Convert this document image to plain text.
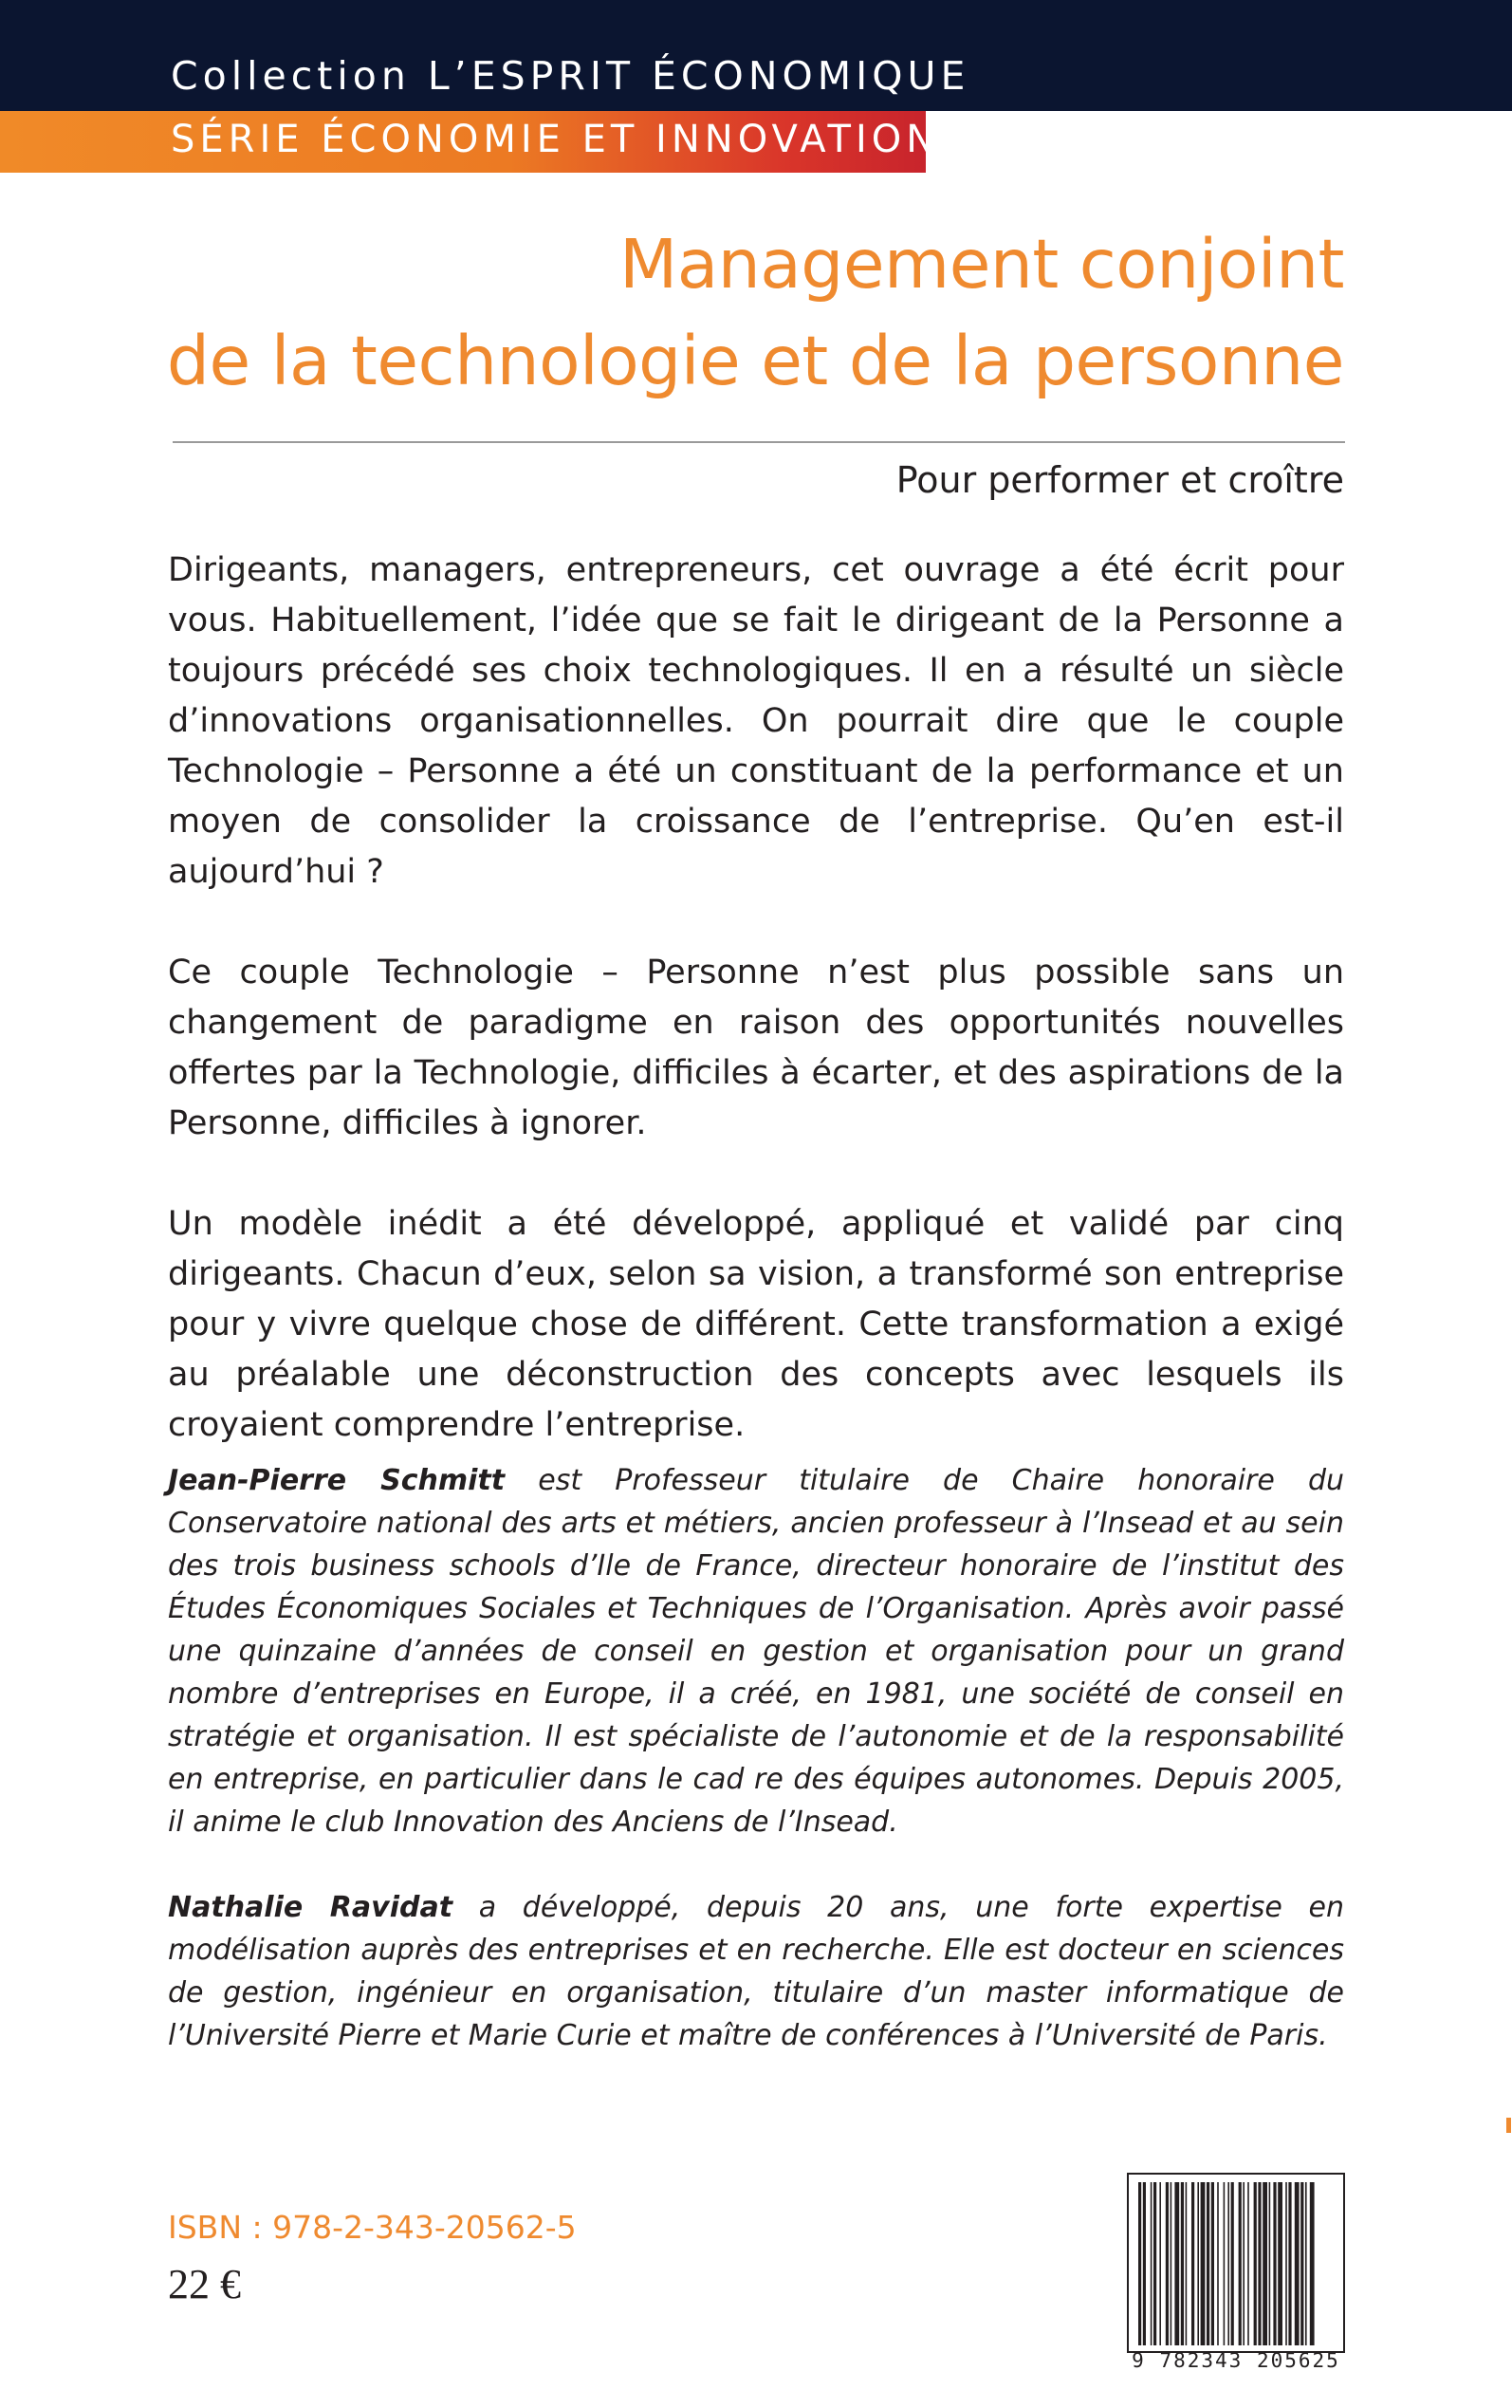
Collection L’ESPRIT ÉCONOMIQUE
SÉRIE ÉCONOMIE ET INNOVATION
Management conjoint
de la technologie et de la personne
Pour performer et croître

Dirigeants, managers, entrepreneurs, cet ouvrage a été écrit pour vous. Habituellement, l’idée que se fait le dirigeant de la Personne a toujours précédé ses choix technologiques. Il en a résulté un siècle d’innovations organisationnelles. On pourrait dire que le couple Technologie – Personne a été un constituant de la performance et un moyen de consolider la croissance de l’entreprise. Qu’en est-il aujourd’hui ?

Ce couple Technologie – Personne n’est plus possible sans un changement de paradigme en raison des opportunités nouvelles offertes par la Technologie, difficiles à écarter, et des aspirations de la Personne, difficiles à ignorer.

Un modèle inédit a été développé, appliqué et validé par cinq dirigeants. Chacun d’eux, selon sa vision, a transformé son entreprise pour y vivre quelque chose de différent. Cette transformation a exigé au préalable une déconstruction des concepts avec lesquels ils croyaient comprendre l’entreprise.

Jean-Pierre Schmitt est Professeur titulaire de Chaire honoraire du Conservatoire national des arts et métiers, ancien professeur à l’Insead et au sein des trois business schools d’Ile de France, directeur honoraire de l’institut des Études Économiques Sociales et Techniques de l’Organisation. Après avoir passé une quinzaine d’années de conseil en gestion et organisation pour un grand nombre d’entreprises en Europe, il a créé, en 1981, une société de conseil en stratégie et organisation. Il est spécialiste de l’autonomie et de la responsabilité en entreprise, en particulier dans le cad re des équipes autonomes. Depuis 2005, il anime le club Innovation des Anciens de l’Insead.

Nathalie Ravidat a développé, depuis 20 ans, une forte expertise en modélisation auprès des entreprises et en recherche. Elle est docteur en sciences de gestion, ingénieur en organisation, titulaire d’un master informatique de l’Université Pierre et Marie Curie et maître de conférences à l’Université de Paris.

ISBN : 978-2-343-20562-5
22 €
9 782343 205625
